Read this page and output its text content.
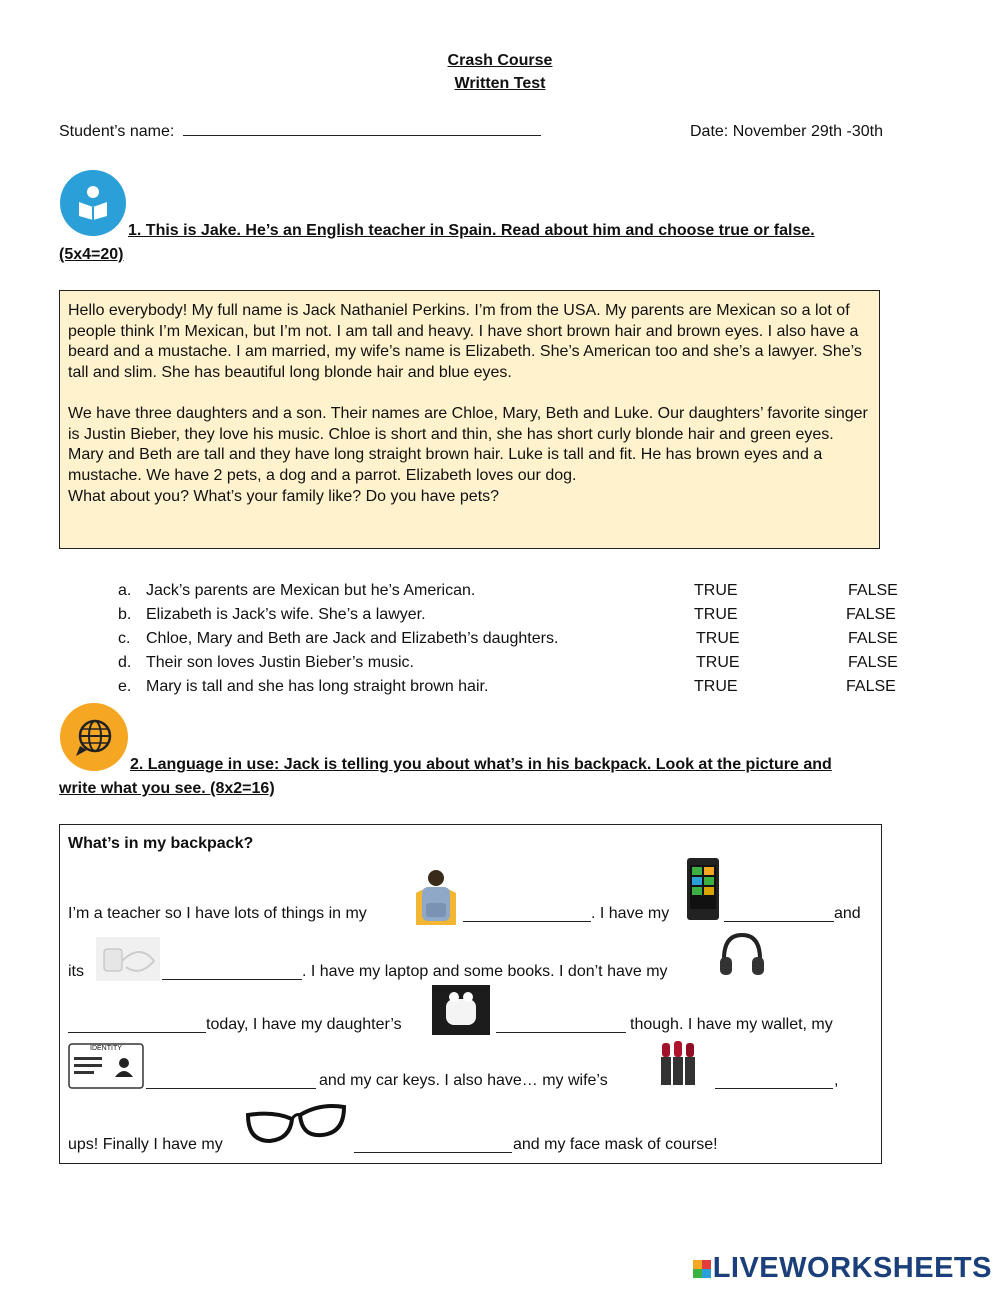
Crash Course
Written Test
Student’s name:	Date: November 29th -30th
1. This is Jake. He’s an English teacher in Spain. Read about him and choose true or false.
(5x4=20)

Hello everybody! My full name is Jack Nathaniel Perkins. I’m from the USA. My parents are Mexican so a lot of people think I’m Mexican, but I’m not. I am tall and heavy. I have short brown hair and brown eyes. I also have a beard and a mustache. I am married, my wife’s name is Elizabeth. She’s American too and she’s a lawyer. She’s tall and slim. She has beautiful long blonde hair and blue eyes.

We have three daughters and a son. Their names are Chloe, Mary, Beth and Luke. Our daughters’ favorite singer is Justin Bieber, they love his music. Chloe is short and thin, she has short curly blonde hair and green eyes. Mary and Beth are tall and they have long straight brown hair. Luke is tall and fit. He has brown eyes and a mustache. We have 2 pets, a dog and a parrot. Elizabeth loves our dog.

What about you? What’s your family like? Do you have pets?

a. Jack’s parents are Mexican but he’s American.	TRUE	FALSE
b. Elizabeth is Jack’s wife. She’s a lawyer.	TRUE	FALSE
c. Chloe, Mary and Beth are Jack and Elizabeth’s daughters.	TRUE	FALSE
d. Their son loves Justin Bieber’s music.	TRUE	FALSE
e. Mary is tall and she has long straight brown hair.	TRUE	FALSE
2. Language in use: Jack is telling you about what’s in his backpack. Look at the picture and
write what you see. (8x2=16)
What’s in my backpack?
I’m a teacher so I have lots of things in my	. I have my	and
its	. I have my laptop and some books. I don’t have my
today, I have my daughter’s	though. I have my wallet, my
IDENTITY
and my car keys. I also have… my wife’s	,
ups! Finally I have my	and my face mask of course!
LIVEWORKSHEETS
